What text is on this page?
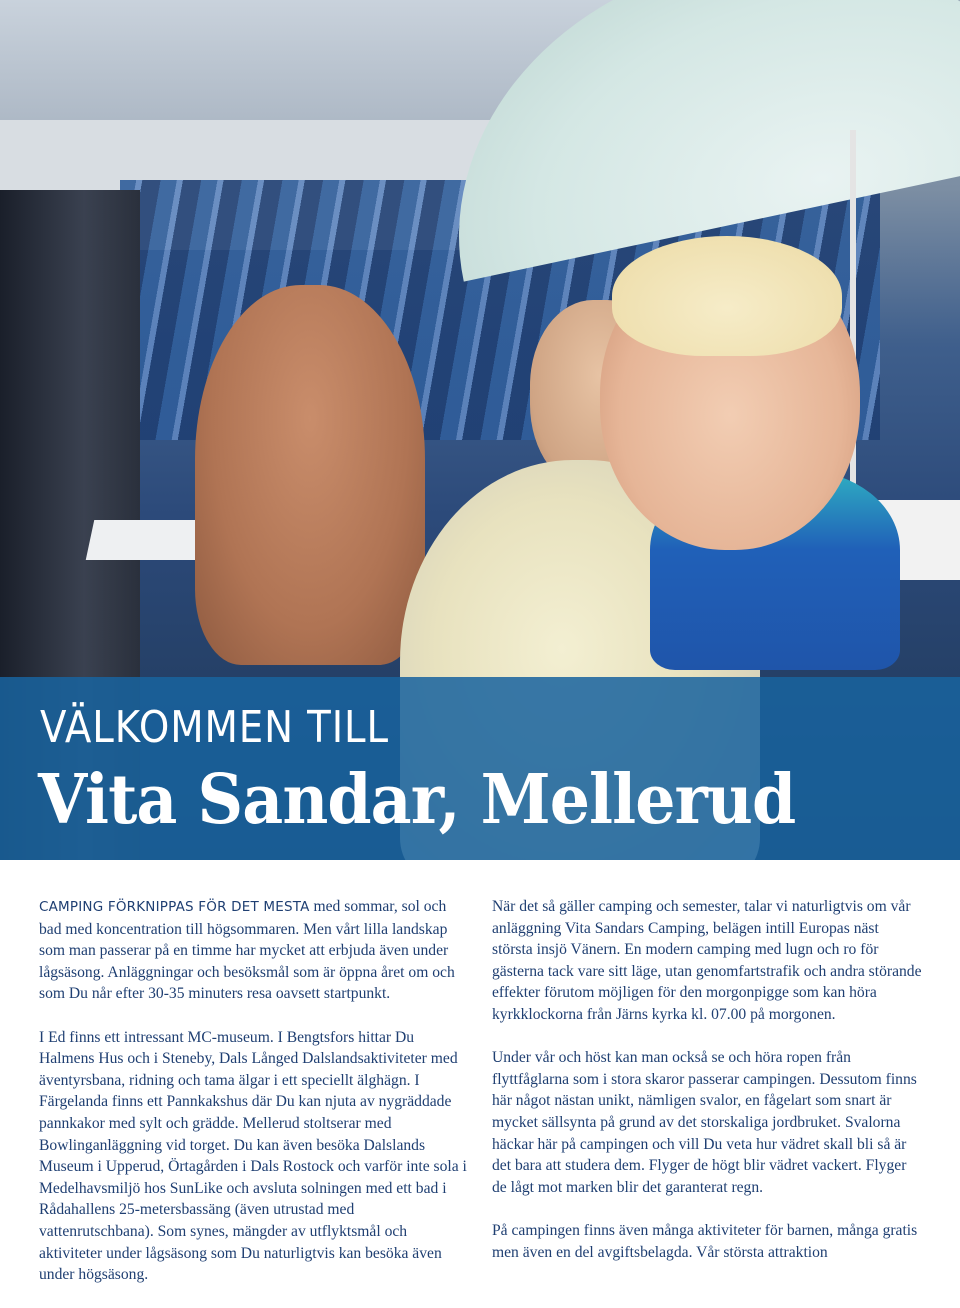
VÄLKOMMEN TILL
Vita Sandar, Mellerud

CAMPING FÖRKNIPPAS FÖR DET MESTA med sommar, sol och bad med koncentration till högsommaren. Men vårt lilla landskap som man passerar på en timme har mycket att erbjuda även under lågsäsong. Anläggningar och besöksmål som är öppna året om och som Du når efter 30-35 minuters resa oavsett startpunkt.

I Ed finns ett intressant MC-museum. I Bengtsfors hittar Du Halmens Hus och i Steneby, Dals Långed Dalslandsaktiviteter med äventyrsbana, ridning och tama älgar i ett speciellt älghägn. I Färgelanda finns ett Pannkakshus där Du kan njuta av nygräddade pannkakor med sylt och grädde. Mellerud stoltserar med Bowlinganläggning vid torget. Du kan även besöka Dalslands Museum i Upperud, Örtagården i Dals Rostock och varför inte sola i Medelhavsmiljö hos SunLike och avsluta solningen med ett bad i Rådahallens 25-metersbassäng (även utrustad med vattenrutschbana). Som synes, mängder av utflyktsmål och aktiviteter under lågsäsong som Du naturligtvis kan besöka även under högsäsong.

När det så gäller camping och semester, talar vi naturligtvis om vår anläggning Vita Sandars Camping, belägen intill Europas näst största insjö Vänern. En modern camping med lugn och ro för gästerna tack vare sitt läge, utan genomfartstrafik och andra störande effekter förutom möjligen för den morgonpigge som kan höra kyrkklockorna från Järns kyrka kl. 07.00 på morgonen.

Under vår och höst kan man också se och höra ropen från flyttfåglarna som i stora skaror passerar campingen. Dessutom finns här något nästan unikt, nämligen svalor, en fågelart som snart är mycket sällsynta på grund av det storskaliga jordbruket. Svalorna häckar här på campingen och vill Du veta hur vädret skall bli så är det bara att studera dem. Flyger de högt blir vädret vackert. Flyger de lågt mot marken blir det garanterat regn.

På campingen finns även många aktiviteter för barnen, många gratis men även en del avgiftsbelagda. Vår största attraktion
